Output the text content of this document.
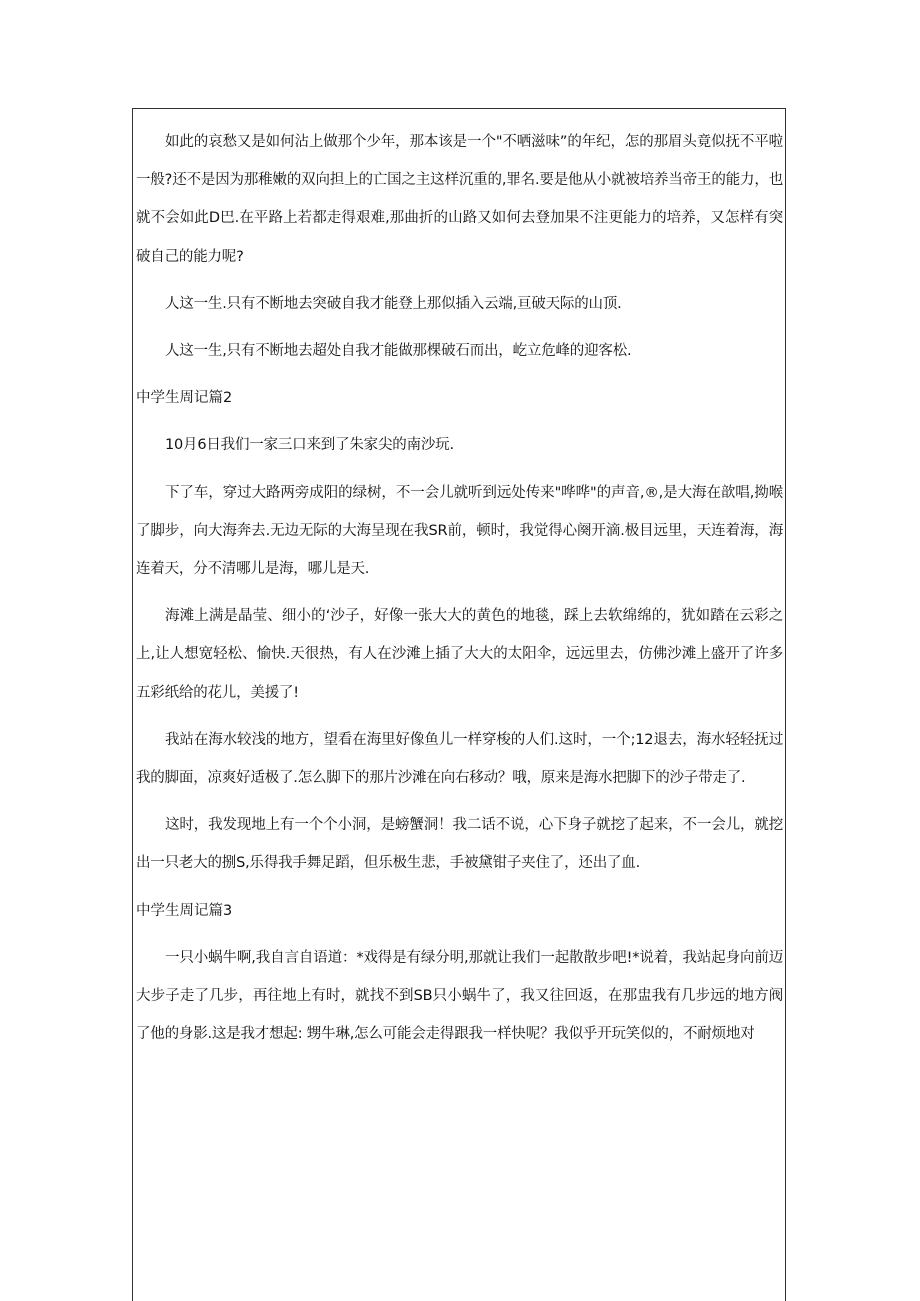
如此的哀愁又是如何沾上做那个少年，那本该是一个"不哂滋味”的年纪，怎的那眉头竟似抚不平啦一般?还不是因为那稚嫩的双向担上的亡国之主这样沉重的,罪名.要是他从小就被培养当帝王的能力，也就不会如此D巴.在平路上若都走得艰难,那曲折的山路又如何去登加果不注更能力的培养，又怎样有突破自己的能力呢?

人这一生.只有不断地去突破自我才能登上那似插入云端,亘破天际的山顶.

人这一生,只有不断地去超处自我才能做那棵破石而出，屹立危峰的迎客松.

中学生周记篇2

10月6日我们一家三口来到了朱家尖的南沙玩.

下了车，穿过大路两旁成阳的绿树，不一会儿就听到远处传来"哗哗"的声音,®,是大海在歆唱,拗喉了脚步，向大海奔去.无边无际的大海呈现在我SR前，顿时，我觉得心阕开滴.极目远里，天连着海，海连着天，分不清哪儿是海，哪儿是天.

海滩上满是晶莹、细小的‘沙子，好像一张大大的黄色的地毯，踩上去软绵绵的，犹如踏在云彩之上,让人想宽轻松、愉快.天很热，有人在沙滩上插了大大的太阳伞，远远里去，仿佛沙滩上盛开了许多五彩纸给的花儿，美援了!

我站在海水较浅的地方，望看在海里好像鱼儿一样穿梭的人们.这时，一个;12退去，海水轻轻抚过我的脚面，凉爽好适极了.怎么脚下的那片沙滩在向右移动？哦，原来是海水把脚下的沙子带走了.

这时，我发现地上有一个个小洞，是螃蟹洞！我二话不说，心下身子就挖了起来，不一会儿，就挖出一只老大的捌S,乐得我手舞足蹈，但乐极生悲，手被黛钳子夹住了，还出了血.

中学生周记篇3

一只小蜗牛啊,我自言自语道：*戏得是有绿分明,那就让我们一起散散步吧!*说着，我站起身向前迈大步子走了几步，再往地上有时，就找不到SB只小蜗牛了，我又往回返，在那盅我有几步远的地方阀了他的身影.这是我才想起: 甥牛琳,怎么可能会走得跟我一样快呢？我似乎开玩笑似的，不耐烦地对
